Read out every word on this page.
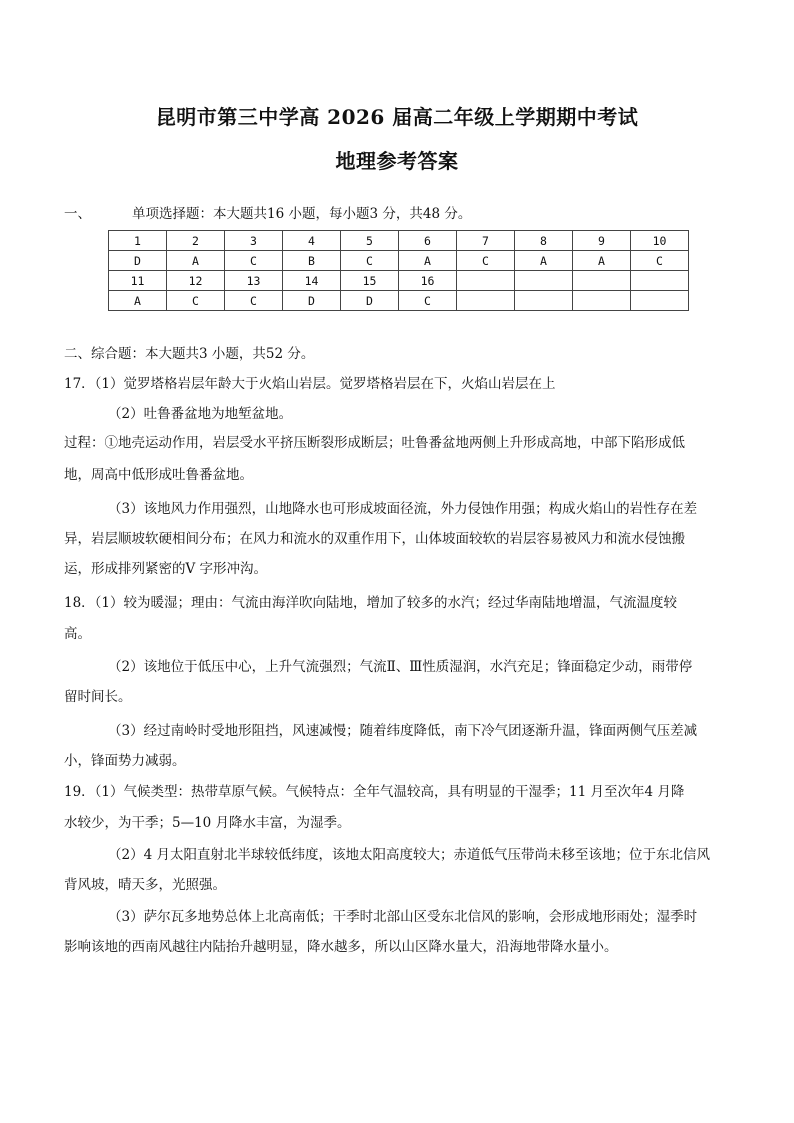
昆明市第三中学高 2026 届高二年级上学期期中考试
地理参考答案
一、	单项选择题：本大题共16 小题，每小题3 分，共48 分。
1	2	3	4	5	6	7	8	9	10
D	A	C	B	C	A	C	A	A	C
11	12	13	14	15	16				
A	C	C	D	D	C				
二、综合题：本大题共3 小题，共52 分。
17．（1）觉罗塔格岩层年龄大于火焰山岩层。觉罗塔格岩层在下，火焰山岩层在上
（2）吐鲁番盆地为地堑盆地。
过程：①地壳运动作用，岩层受水平挤压断裂形成断层；吐鲁番盆地两侧上升形成高地，中部下陷形成低
地，周高中低形成吐鲁番盆地。
（3）该地风力作用强烈，山地降水也可形成坡面径流，外力侵蚀作用强；构成火焰山的岩性存在差
异，岩层顺坡软硬相间分布；在风力和流水的双重作用下，山体坡面较软的岩层容易被风力和流水侵蚀搬
运，形成排列紧密的V 字形冲沟。
18．（1）较为暖湿；理由：气流由海洋吹向陆地，增加了较多的水汽；经过华南陆地增温，气流温度较
高。
（2）该地位于低压中心，上升气流强烈；气流Ⅱ、Ⅲ性质湿润，水汽充足；锋面稳定少动，雨带停
留时间长。
（3）经过南岭时受地形阻挡，风速减慢；随着纬度降低，南下冷气团逐渐升温，锋面两侧气压差减
小，锋面势力减弱。
19．（1）气候类型：热带草原气候。气候特点：全年气温较高，具有明显的干湿季；11 月至次年4 月降
水较少，为干季；5—10 月降水丰富，为湿季。
（2）4 月太阳直射北半球较低纬度，该地太阳高度较大；赤道低气压带尚未移至该地；位于东北信风
背风坡，晴天多，光照强。
（3）萨尔瓦多地势总体上北高南低；干季时北部山区受东北信风的影响，会形成地形雨处；湿季时
影响该地的西南风越往内陆抬升越明显，降水越多，所以山区降水量大，沿海地带降水量小。
